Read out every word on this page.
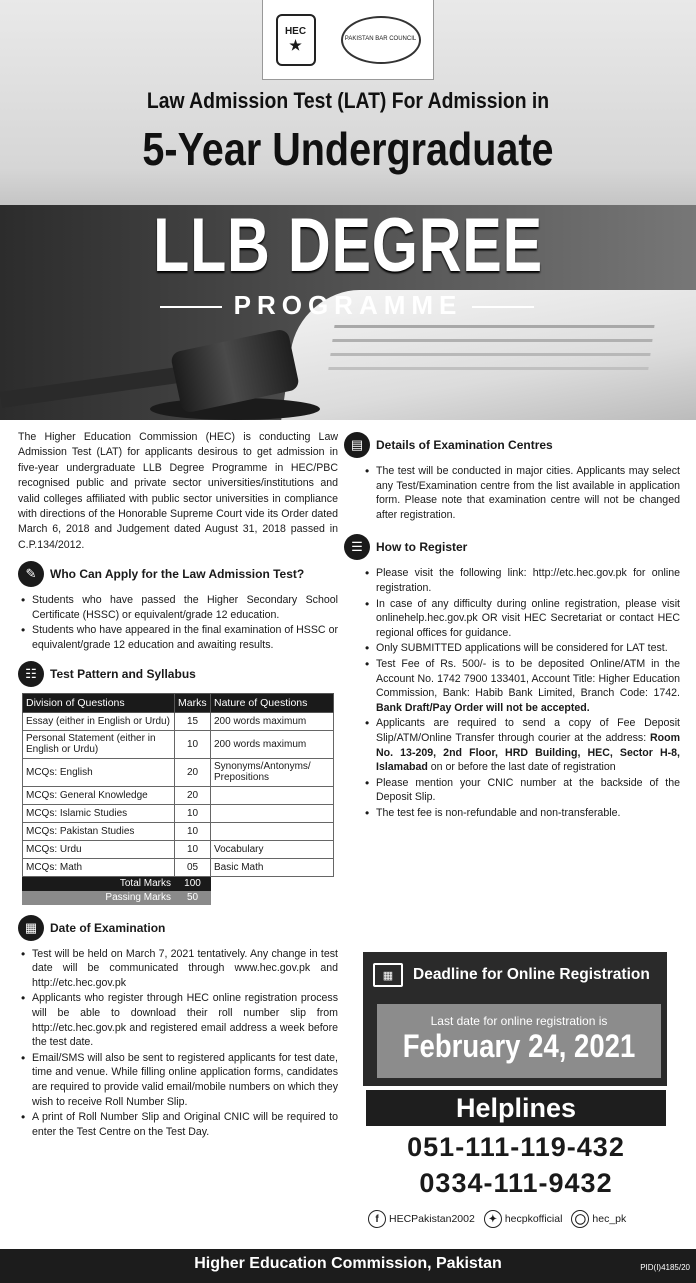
HEC
★	PAKISTAN BAR COUNCIL
Law Admission Test (LAT) For Admission in
5-Year Undergraduate
LLB DEGREE
PROGRAMME

The Higher Education Commission (HEC) is conducting Law Admission Test (LAT) for applicants desirous to get admission in five-year undergraduate LLB Degree Programme in HEC/PBC recognised public and private sector universities/institutions and valid colleges affiliated with public sector universities in compliance with directions of the Honorable Supreme Court vide its Order dated March 6, 2018 and Judgement dated August 31, 2018 passed in C.P.134/2012.

✎	Who Can Apply for the Law Admission Test?
• Students who have passed the Higher Secondary School Certificate (HSSC) or equivalent/grade 12 education.
• Students who have appeared in the final examination of HSSC or equivalent/grade 12 education and awaiting results.
☷	Test Pattern and Syllabus
Division of Questions	Marks	Nature of Questions
Essay (either in English or Urdu)	15	200 words maximum
Personal Statement (either in English or Urdu)	10	200 words maximum
MCQs: English	20	Synonyms/Antonyms/ Prepositions
MCQs: General Knowledge	20	
MCQs: Islamic Studies	10	
MCQs: Pakistan Studies	10	
MCQs: Urdu	10	Vocabulary
MCQs: Math	05	Basic Math
Total Marks	100	
Passing Marks	50	
▦	Date of Examination
• Test will be held on March 7, 2021 tentatively. Any change in test date will be communicated through www.hec.gov.pk and http://etc.hec.gov.pk
• Applicants who register through HEC online registration process will be able to download their roll number slip from http://etc.hec.gov.pk and registered email address a week before the test date.
• Email/SMS will also be sent to registered applicants for test date, time and venue. While filling online application forms, candidates are required to provide valid email/mobile numbers on which they wish to receive Roll Number Slip.
• A print of Roll Number Slip and Original CNIC will be required to enter the Test Centre on the Test Day.
▤	Details of Examination Centres
• The test will be conducted in major cities. Applicants may select any Test/Examination centre from the list available in application form. Please note that examination centre will not be changed after registration.
☰	How to Register
• Please visit the following link: http://etc.hec.gov.pk for online registration.
• In case of any difficulty during online registration, please visit onlinehelp.hec.gov.pk OR visit HEC Secretariat or contact HEC regional offices for guidance.
• Only SUBMITTED applications will be considered for LAT test.
• Test Fee of Rs. 500/- is to be deposited Online/ATM in the Account No. 1742 7900 133401, Account Title: Higher Education Commission, Bank: Habib Bank Limited, Branch Code: 1742. Bank Draft/Pay Order will not be accepted.
• Applicants are required to send a copy of Fee Deposit Slip/ATM/Online Transfer through courier at the address: Room No. 13-209, 2nd Floor, HRD Building, HEC, Sector H-8, Islamabad on or before the last date of registration
• Please mention your CNIC number at the backside of the Deposit Slip.
• The test fee is non-refundable and non-transferable.
▦	Deadline for Online Registration
Last date for online registration is
February 24, 2021
Helplines
051-111-119-432
0334-111-9432
f HECPakistan2002	✦ hecpkofficial	◯ hec_pk
Higher Education Commission, Pakistan	PID(I)4185/20
